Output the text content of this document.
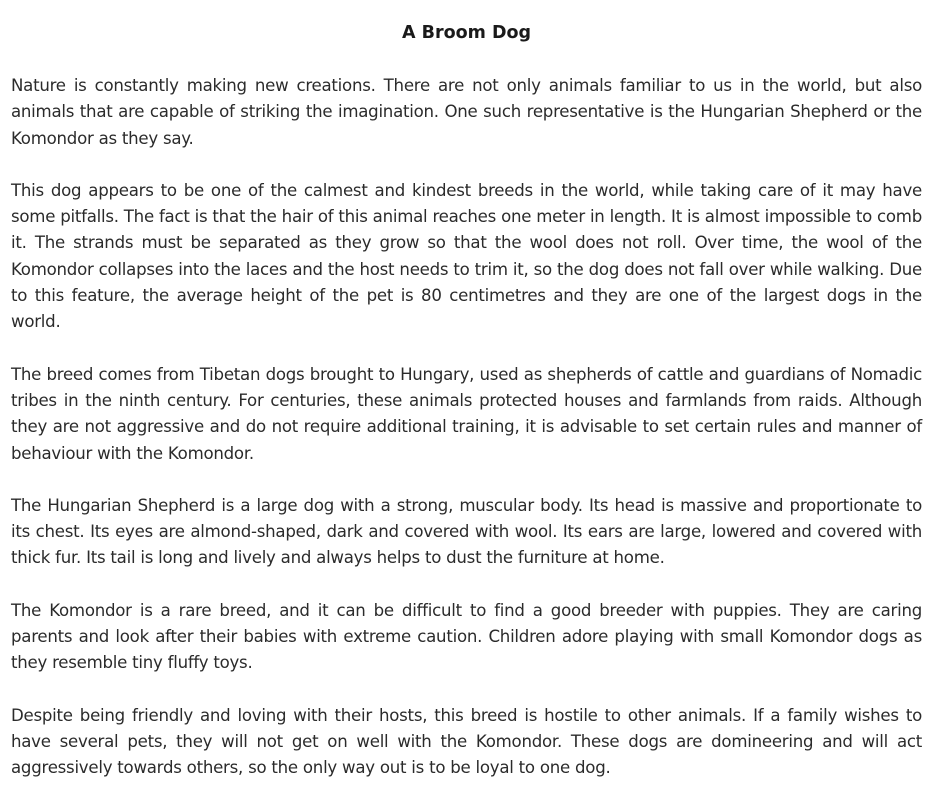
A Broom Dog

Nature is constantly making new creations. There are not only animals familiar to us in the world, but also animals that are capable of striking the imagination. One such representative is the Hungarian Shepherd or the Komondor as they say.

This dog appears to be one of the calmest and kindest breeds in the world, while taking care of it may have some pitfalls. The fact is that the hair of this animal reaches one meter in length. It is almost impossible to comb it. The strands must be separated as they grow so that the wool does not roll. Over time, the wool of the Komondor collapses into the laces and the host needs to trim it, so the dog does not fall over while walking. Due to this feature, the average height of the pet is 80 centimetres and they are one of the largest dogs in the world.

The breed comes from Tibetan dogs brought to Hungary, used as shepherds of cattle and guardians of Nomadic tribes in the ninth century. For centuries, these animals protected houses and farmlands from raids. Although they are not aggressive and do not require additional training, it is advisable to set certain rules and manner of behaviour with the Komondor.

The Hungarian Shepherd is a large dog with a strong, muscular body. Its head is massive and proportionate to its chest. Its eyes are almond-shaped, dark and covered with wool. Its ears are large, lowered and covered with thick fur. Its tail is long and lively and always helps to dust the furniture at home.

The Komondor is a rare breed, and it can be difficult to find a good breeder with puppies. They are caring parents and look after their babies with extreme caution. Children adore playing with small Komondor dogs as they resemble tiny fluffy toys.

Despite being friendly and loving with their hosts, this breed is hostile to other animals. If a family wishes to have several pets, they will not get on well with the Komondor. These dogs are domineering and will act aggressively towards others, so the only way out is to be loyal to one dog.
